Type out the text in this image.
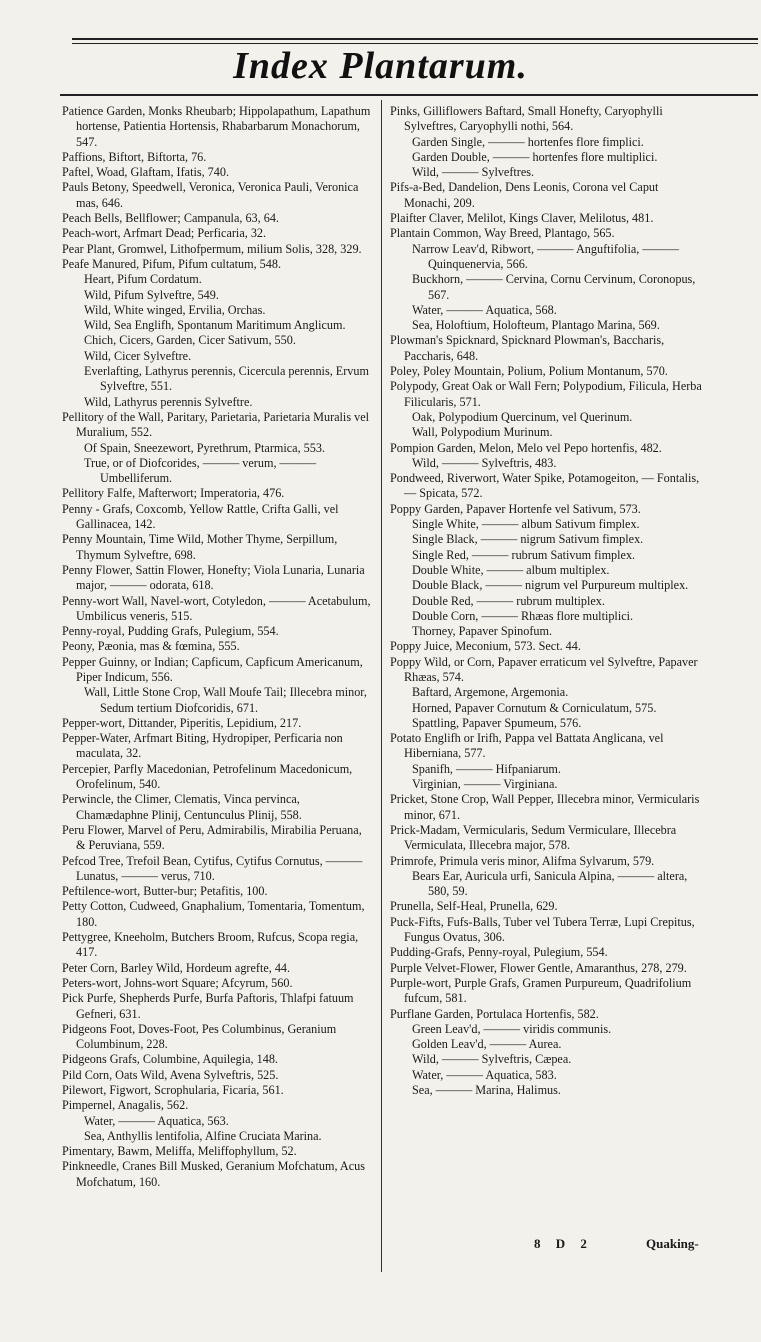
Index Plantarum.

Patience Garden, Monks Rheubarb; Hippolapathum, Lapathum hortense, Patientia Hortensis, Rhabarbarum Monachorum, 547.

Paffions, Biftort, Biftorta, 76.

Paftel, Woad, Glaftam, Ifatis, 740.

Pauls Betony, Speedwell, Veronica, Veronica Pauli, Veronica mas, 646.

Peach Bells, Bellflower; Campanula, 63, 64.

Peach-wort, Arfmart Dead; Perficaria, 32.

Pear Plant, Gromwel, Lithofpermum, milium Solis, 328, 329.

Peafe Manured, Pifum, Pifum cultatum, 548.

Heart, Pifum Cordatum.

Wild, Pifum Sylveftre, 549.

Wild, White winged, Ervilia, Orchas.

Wild, Sea Englifh, Spontanum Maritimum Anglicum.

Chich, Cicers, Garden, Cicer Sativum, 550.

Wild, Cicer Sylveftre.

Everlafting, Lathyrus perennis, Cicercula perennis, Ervum Sylveftre, 551.

Wild, Lathyrus perennis Sylveftre.

Pellitory of the Wall, Paritary, Parietaria, Parietaria Muralis vel Muralium, 552.

Of Spain, Sneezewort, Pyrethrum, Ptarmica, 553.

True, or of Diofcorides, ——— verum, ——— Umbelliferum.

Pellitory Falfe, Mafterwort; Imperatoria, 476.

Penny - Grafs, Coxcomb, Yellow Rattle, Crifta Galli, vel Gallinacea, 142.

Penny Mountain, Time Wild, Mother Thyme, Serpillum, Thymum Sylveftre, 698.

Penny Flower, Sattin Flower, Honefty; Viola Lunaria, Lunaria major, ——— odorata, 618.

Penny-wort Wall, Navel-wort, Cotyledon, ——— Acetabulum, Umbilicus veneris, 515.

Penny-royal, Pudding Grafs, Pulegium, 554.

Peony, Pæonia, mas & fœmina, 555.

Pepper Guinny, or Indian; Capficum, Capficum Americanum, Piper Indicum, 556.

Wall, Little Stone Crop, Wall Moufe Tail; Illecebra minor, Sedum tertium Diofcoridis, 671.

Pepper-wort, Dittander, Piperitis, Lepidium, 217.

Pepper-Water, Arfmart Biting, Hydropiper, Perficaria non maculata, 32.

Percepier, Parfly Macedonian, Petrofelinum Macedonicum, Orofelinum, 540.

Perwincle, the Climer, Clematis, Vinca pervinca, Chamædaphne Plinij, Centunculus Plinij, 558.

Peru Flower, Marvel of Peru, Admirabilis, Mirabilia Peruana, & Peruviana, 559.

Pefcod Tree, Trefoil Bean, Cytifus, Cytifus Cornutus, ——— Lunatus, ——— verus, 710.

Peftilence-wort, Butter-bur; Petafitis, 100.

Petty Cotton, Cudweed, Gnaphalium, Tomentaria, Tomentum, 180.

Pettygree, Kneeholm, Butchers Broom, Rufcus, Scopa regia, 417.

Peter Corn, Barley Wild, Hordeum agrefte, 44.

Peters-wort, Johns-wort Square; Afcyrum, 560.

Pick Purfe, Shepherds Purfe, Burfa Paftoris, Thlafpi fatuum Gefneri, 631.

Pidgeons Foot, Doves-Foot, Pes Columbinus, Geranium Columbinum, 228.

Pidgeons Grafs, Columbine, Aquilegia, 148.

Pild Corn, Oats Wild, Avena Sylveftris, 525.

Pilewort, Figwort, Scrophularia, Ficaria, 561.

Pimpernel, Anagalis, 562.

Water, ——— Aquatica, 563.

Sea, Anthyllis lentifolia, Alfine Cruciata Marina.

Pimentary, Bawm, Meliffa, Meliffophyllum, 52.

Pinkneedle, Cranes Bill Musked, Geranium Mofchatum, Acus Mofchatum, 160.

Pinks, Gilliflowers Baftard, Small Honefty, Caryophylli Sylveftres, Caryophylli nothi, 564.

Garden Single, ——— hortenfes flore fimplici.

Garden Double, ——— hortenfes flore multiplici.

Wild, ——— Sylveftres.

Pifs-a-Bed, Dandelion, Dens Leonis, Corona vel Caput Monachi, 209.

Plaifter Claver, Melilot, Kings Claver, Melilotus, 481.

Plantain Common, Way Breed, Plantago, 565.

Narrow Leav'd, Ribwort, ——— Anguftifolia, ——— Quinquenervia, 566.

Buckhorn, ——— Cervina, Cornu Cervinum, Coronopus, 567.

Water, ——— Aquatica, 568.

Sea, Holoftium, Holofteum, Plantago Marina, 569.

Plowman's Spicknard, Spicknard Plowman's, Baccharis, Paccharis, 648.

Poley, Poley Mountain, Polium, Polium Montanum, 570.

Polypody, Great Oak or Wall Fern; Polypodium, Filicula, Herba Filicularis, 571.

Oak, Polypodium Quercinum, vel Querinum.

Wall, Polypodium Murinum.

Pompion Garden, Melon, Melo vel Pepo hortenfis, 482.

Wild, ——— Sylveftris, 483.

Pondweed, Riverwort, Water Spike, Potamogeiton, — Fontalis, — Spicata, 572.

Poppy Garden, Papaver Hortenfe vel Sativum, 573.

Single White, ——— album Sativum fimplex.

Single Black, ——— nigrum Sativum fimplex.

Single Red, ——— rubrum Sativum fimplex.

Double White, ——— album multiplex.

Double Black, ——— nigrum vel Purpureum multiplex.

Double Red, ——— rubrum multiplex.

Double Corn, ——— Rhæas flore multiplici.

Thorney, Papaver Spinofum.

Poppy Juice, Meconium, 573. Sect. 44.

Poppy Wild, or Corn, Papaver erraticum vel Sylveftre, Papaver Rhæas, 574.

Baftard, Argemone, Argemonia.

Horned, Papaver Cornutum & Corniculatum, 575.

Spattling, Papaver Spumeum, 576.

Potato Englifh or Irifh, Pappa vel Battata Anglicana, vel Hiberniana, 577.

Spanifh, ——— Hifpaniarum.

Virginian, ——— Virginiana.

Pricket, Stone Crop, Wall Pepper, Illecebra minor, Vermicularis minor, 671.

Prick-Madam, Vermicularis, Sedum Vermiculare, Illecebra Vermiculata, Illecebra major, 578.

Primrofe, Primula veris minor, Alifma Sylvarum, 579.

Bears Ear, Auricula urfi, Sanicula Alpina, ——— altera, 580, 59.

Prunella, Self-Heal, Prunella, 629.

Puck-Fifts, Fufs-Balls, Tuber vel Tubera Terræ, Lupi Crepitus, Fungus Ovatus, 306.

Pudding-Grafs, Penny-royal, Pulegium, 554.

Purple Velvet-Flower, Flower Gentle, Amaranthus, 278, 279.

Purple-wort, Purple Grafs, Gramen Purpureum, Quadrifolium fufcum, 581.

Purflane Garden, Portulaca Hortenfis, 582.

Green Leav'd, ——— viridis communis.

Golden Leav'd, ——— Aurea.

Wild, ——— Sylveftris, Cæpea.

Water, ——— Aquatica, 583.

Sea, ——— Marina, Halimus.

8 D 2	Quaking-
